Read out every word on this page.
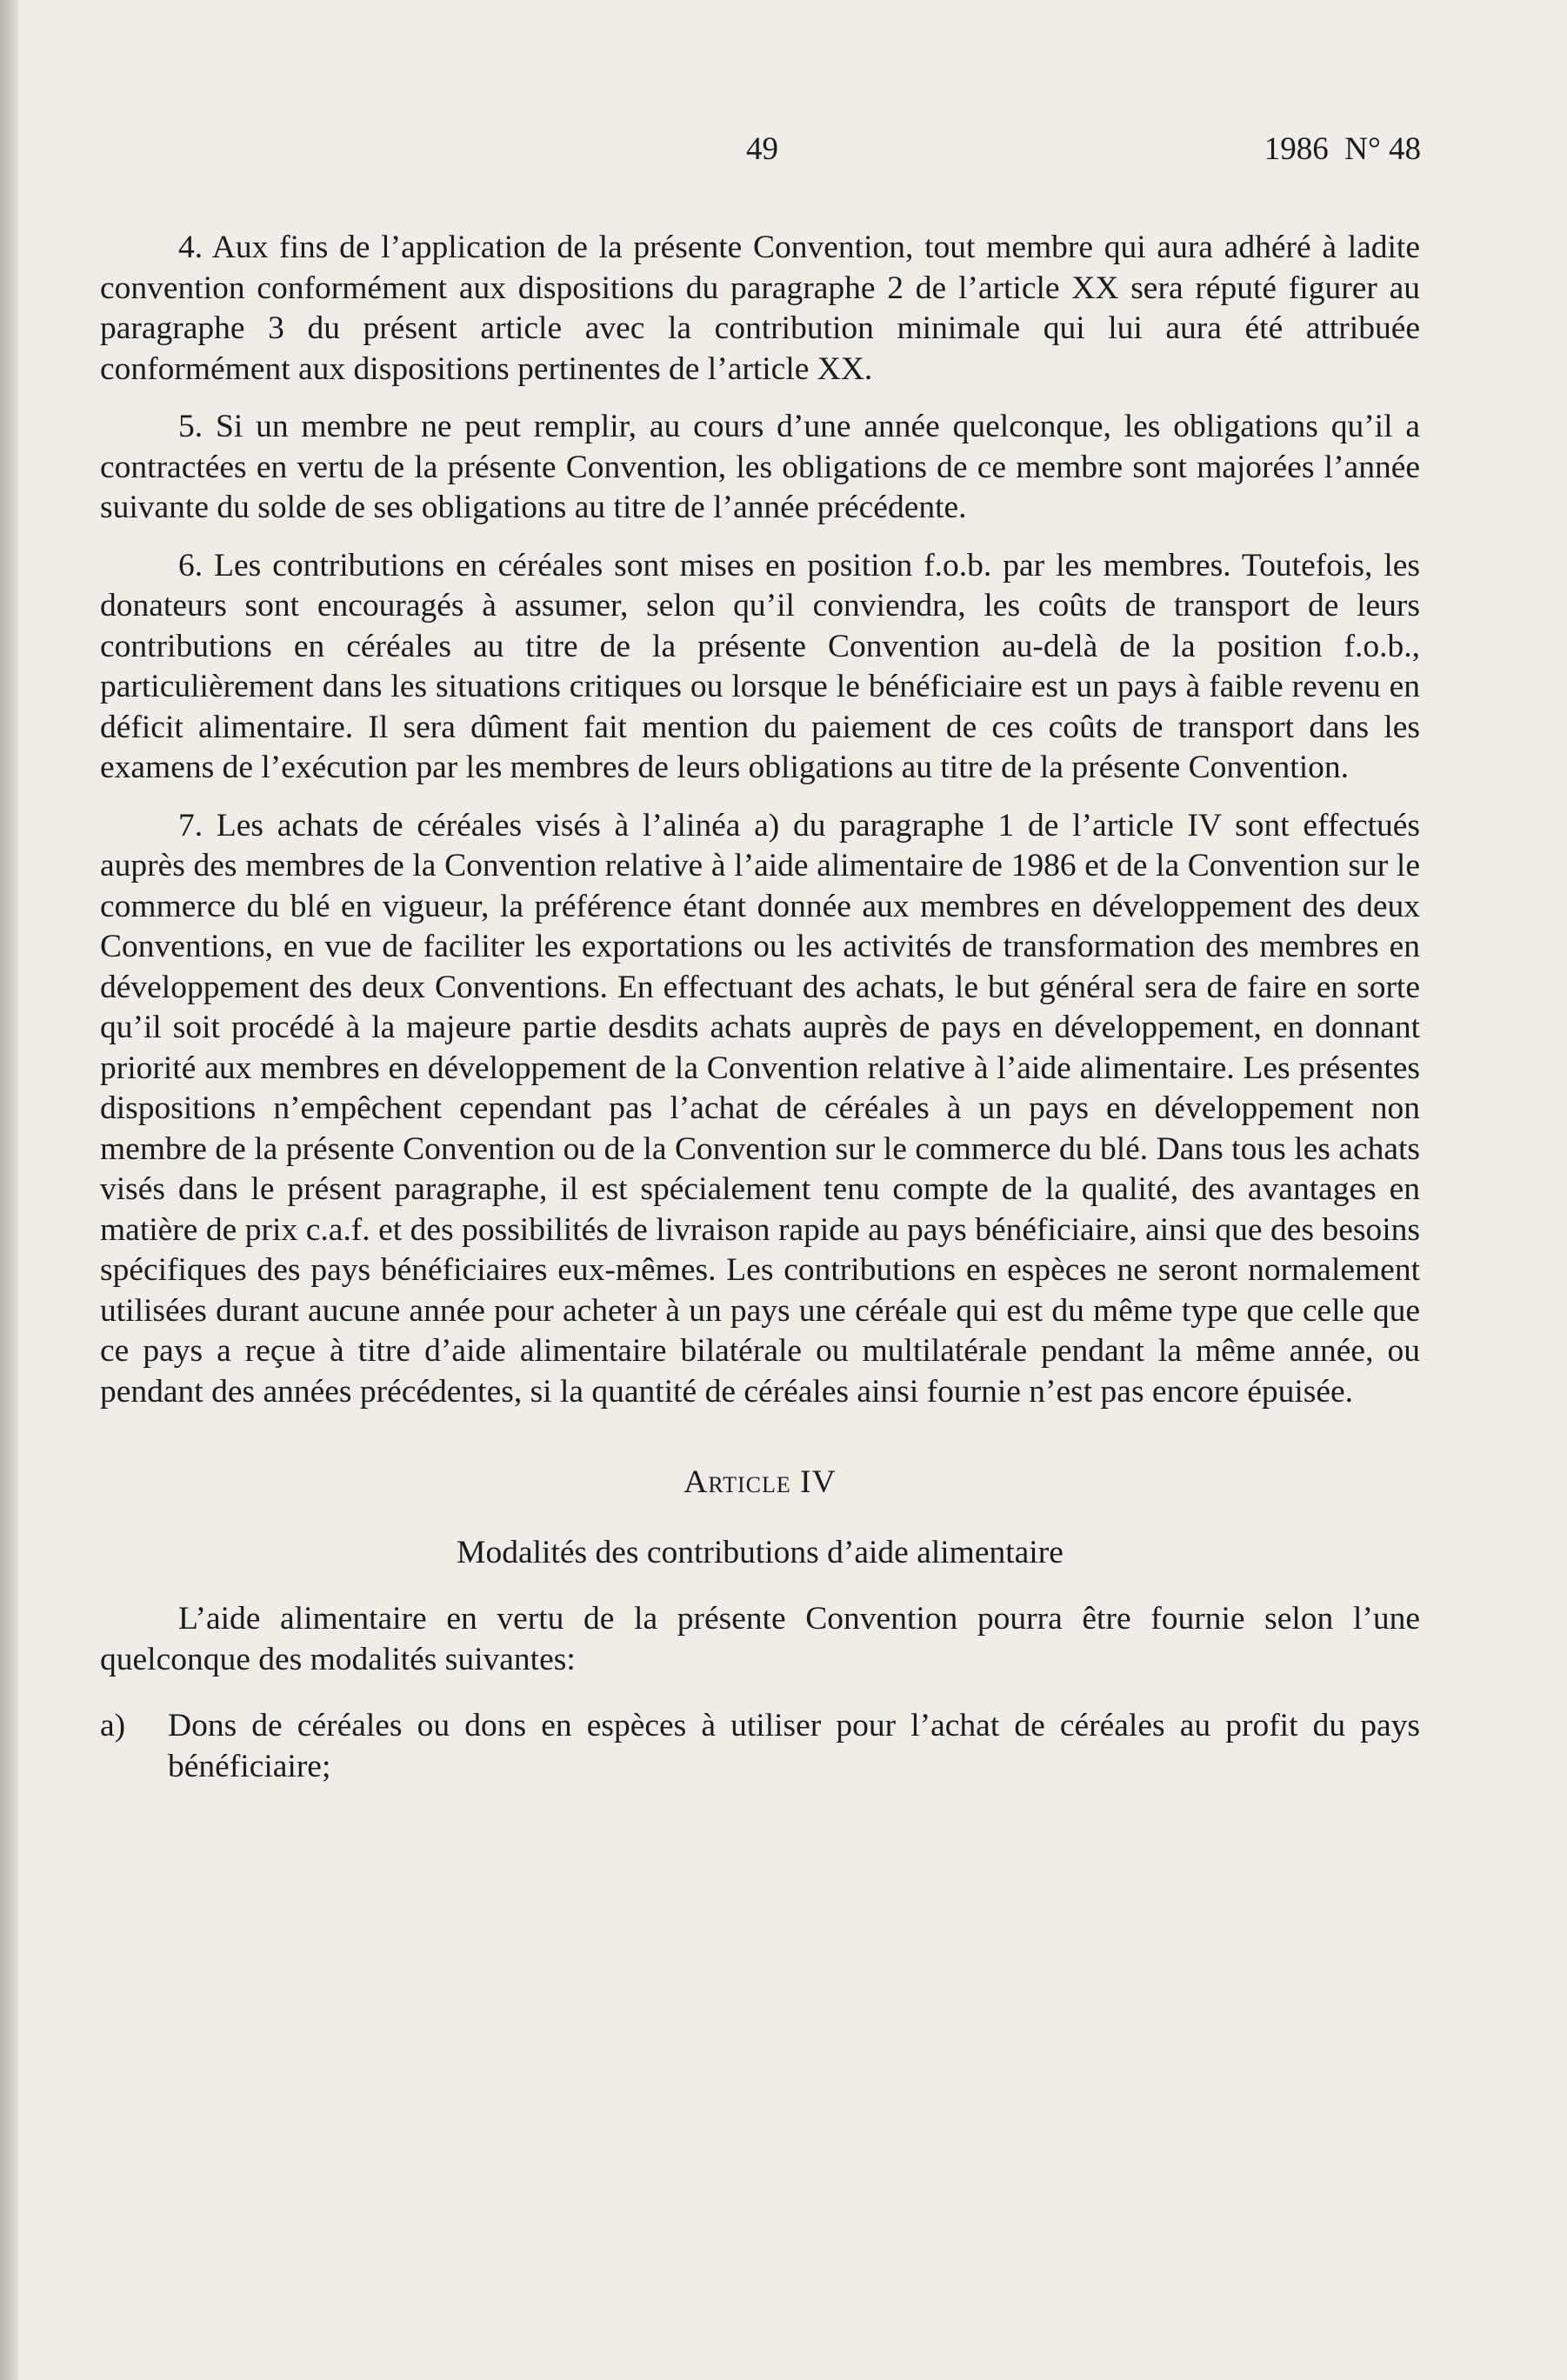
49	1986  N° 48

4. Aux fins de l’application de la présente Convention, tout membre qui aura adhéré à ladite convention conformément aux dispositions du paragraphe 2 de l’article XX sera réputé figurer au paragraphe 3 du présent article avec la contribution minimale qui lui aura été attribuée conformément aux dispositions pertinentes de l’article XX.

5. Si un membre ne peut remplir, au cours d’une année quelconque, les obligations qu’il a contractées en vertu de la présente Convention, les obligations de ce membre sont majorées l’année suivante du solde de ses obligations au titre de l’année précédente.

6. Les contributions en céréales sont mises en position f.o.b. par les membres. Toutefois, les donateurs sont encouragés à assumer, selon qu’il conviendra, les coûts de transport de leurs contributions en céréales au titre de la présente Convention au-delà de la position f.o.b., particulièrement dans les situations critiques ou lorsque le bénéficiaire est un pays à faible revenu en déficit alimentaire. Il sera dûment fait mention du paiement de ces coûts de transport dans les examens de l’exécution par les membres de leurs obligations au titre de la présente Convention.

7. Les achats de céréales visés à l’alinéa a) du paragraphe 1 de l’article IV sont effectués auprès des membres de la Convention relative à l’aide alimentaire de 1986 et de la Convention sur le commerce du blé en vigueur, la préférence étant donnée aux membres en développement des deux Conventions, en vue de faciliter les exportations ou les activités de transformation des membres en développement des deux Conventions. En effectuant des achats, le but général sera de faire en sorte qu’il soit procédé à la majeure partie desdits achats auprès de pays en développement, en donnant priorité aux membres en développement de la Convention relative à l’aide alimentaire. Les présentes dispositions n’empêchent cependant pas l’achat de céréales à un pays en développement non membre de la présente Convention ou de la Convention sur le commerce du blé. Dans tous les achats visés dans le présent paragraphe, il est spécialement tenu compte de la qualité, des avantages en matière de prix c.a.f. et des possibilités de livraison rapide au pays bénéficiaire, ainsi que des besoins spécifiques des pays bénéficiaires eux-mêmes. Les contributions en espèces ne seront normalement utilisées durant aucune année pour acheter à un pays une céréale qui est du même type que celle que ce pays a reçue à titre d’aide alimentaire bilatérale ou multilatérale pendant la même année, ou pendant des années précédentes, si la quantité de céréales ainsi fournie n’est pas encore épuisée.

Article IV
Modalités des contributions d’aide alimentaire

L’aide alimentaire en vertu de la présente Convention pourra être fournie selon l’une quelconque des modalités suivantes:

a)	Dons de céréales ou dons en espèces à utiliser pour l’achat de céréales au profit du pays bénéficiaire;
